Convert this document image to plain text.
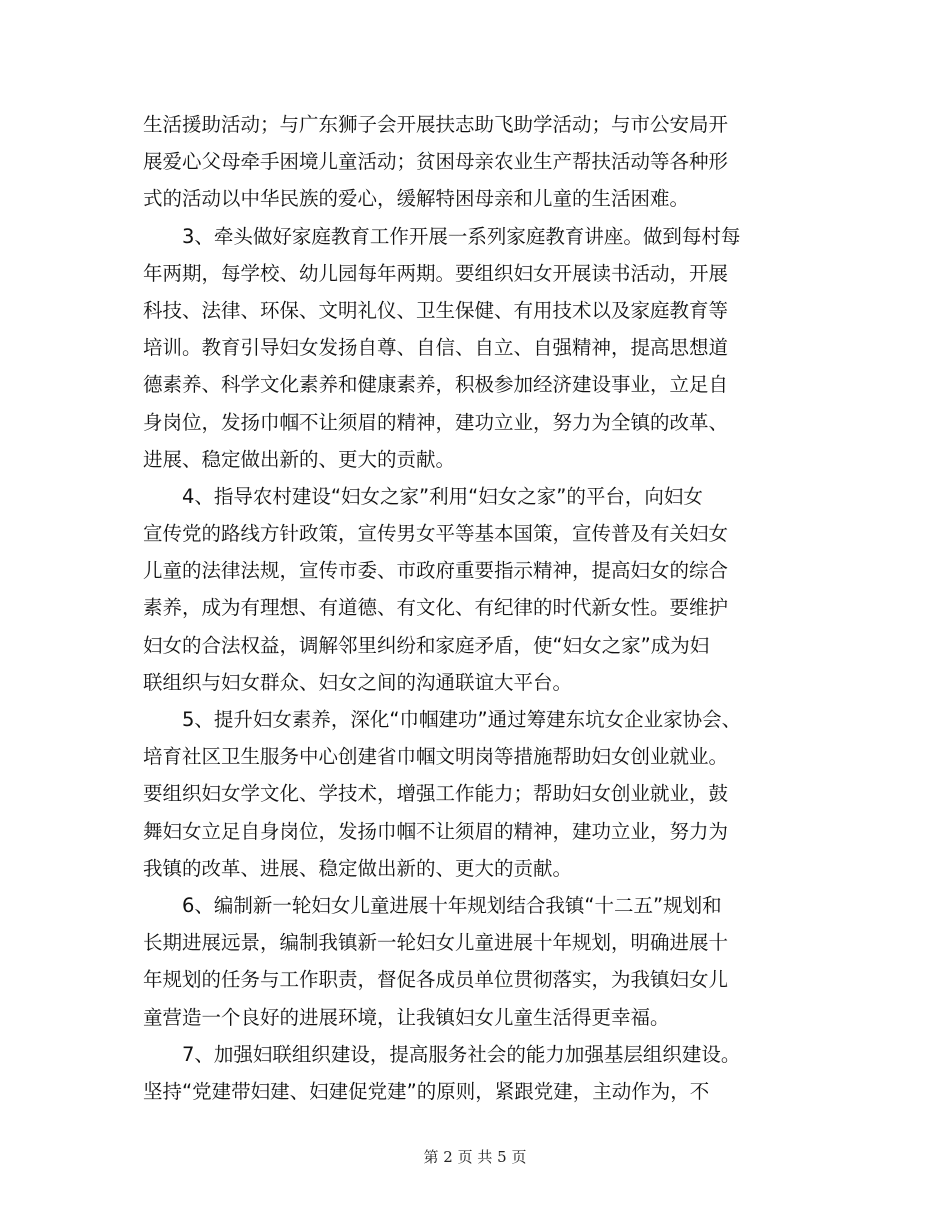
生活援助活动；与广东狮子会开展扶志助飞助学活动；与市公安局开
展爱心父母牵手困境儿童活动；贫困母亲农业生产帮扶活动等各种形
式的活动以中华民族的爱心，缓解特困母亲和儿童的生活困难。
3、牵头做好家庭教育工作开展一系列家庭教育讲座。做到每村每
年两期，每学校、幼儿园每年两期。要组织妇女开展读书活动，开展
科技、法律、环保、文明礼仪、卫生保健、有用技术以及家庭教育等
培训。教育引导妇女发扬自尊、自信、自立、自强精神，提高思想道
德素养、科学文化素养和健康素养，积极参加经济建设事业，立足自
身岗位，发扬巾帼不让须眉的精神，建功立业，努力为全镇的改革、
进展、稳定做出新的、更大的贡献。
4、指导农村建设“妇女之家”利用“妇女之家”的平台，向妇女
宣传党的路线方针政策，宣传男女平等基本国策，宣传普及有关妇女
儿童的法律法规，宣传市委、市政府重要指示精神，提高妇女的综合
素养，成为有理想、有道德、有文化、有纪律的时代新女性。要维护
妇女的合法权益，调解邻里纠纷和家庭矛盾，使“妇女之家”成为妇
联组织与妇女群众、妇女之间的沟通联谊大平台。
5、提升妇女素养，深化“巾帼建功”通过筹建东坑女企业家协会、
培育社区卫生服务中心创建省巾帼文明岗等措施帮助妇女创业就业。
要组织妇女学文化、学技术，增强工作能力；帮助妇女创业就业，鼓
舞妇女立足自身岗位，发扬巾帼不让须眉的精神，建功立业，努力为
我镇的改革、进展、稳定做出新的、更大的贡献。
6、编制新一轮妇女儿童进展十年规划结合我镇“十二五”规划和
长期进展远景，编制我镇新一轮妇女儿童进展十年规划，明确进展十
年规划的任务与工作职责，督促各成员单位贯彻落实，为我镇妇女儿
童营造一个良好的进展环境，让我镇妇女儿童生活得更幸福。
7、加强妇联组织建设，提高服务社会的能力加强基层组织建设。
坚持“党建带妇建、妇建促党建”的原则，紧跟党建，主动作为，不
第 2 页 共 5 页
